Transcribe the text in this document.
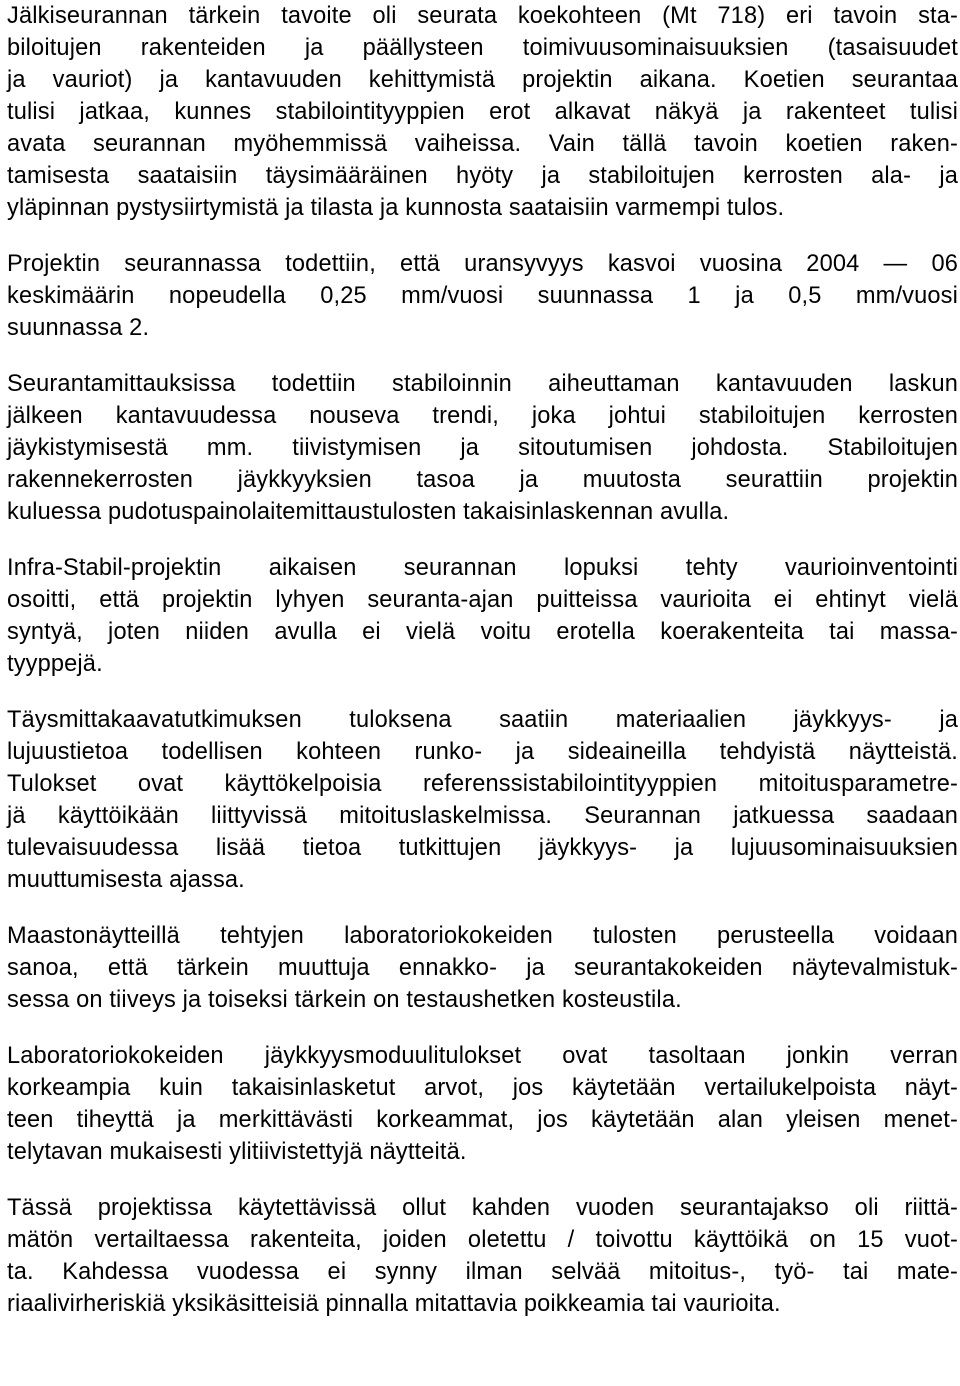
Jälkiseurannan tärkein tavoite oli seurata koekohteen (Mt 718) eri tavoin sta-
biloitujen rakenteiden ja päällysteen toimivuusominaisuuksien (tasaisuudet
ja vauriot) ja kantavuuden kehittymistä projektin aikana. Koetien seurantaa
tulisi jatkaa, kunnes stabilointityyppien erot alkavat näkyä ja rakenteet tulisi
avata seurannan myöhemmissä vaiheissa. Vain tällä tavoin koetien raken-
tamisesta saataisiin täysimääräinen hyöty ja stabiloitujen kerrosten ala- ja
yläpinnan pystysiirtymistä ja tilasta ja kunnosta saataisiin varmempi tulos.
Projektin seurannassa todettiin, että uransyvyys kasvoi vuosina 2004 — 06
keskimäärin nopeudella 0,25 mm/vuosi suunnassa 1 ja 0,5 mm/vuosi
suunnassa 2.
Seurantamittauksissa todettiin stabiloinnin aiheuttaman kantavuuden laskun
jälkeen kantavuudessa nouseva trendi, joka johtui stabiloitujen kerrosten
jäykistymisestä mm. tiivistymisen ja sitoutumisen johdosta. Stabiloitujen
rakennekerrosten jäykkyyksien tasoa ja muutosta seurattiin projektin
kuluessa pudotuspainolaitemittaustulosten takaisinlaskennan avulla.
Infra-Stabil-projektin aikaisen seurannan lopuksi tehty vaurioinventointi
osoitti, että projektin lyhyen seuranta-ajan puitteissa vaurioita ei ehtinyt vielä
syntyä, joten niiden avulla ei vielä voitu erotella koerakenteita tai massa-
tyyppejä.
Täysmittakaavatutkimuksen tuloksena saatiin materiaalien jäykkyys- ja
lujuustietoa todellisen kohteen runko- ja sideaineilla tehdyistä näytteistä.
Tulokset ovat käyttökelpoisia referenssistabilointityyppien mitoitusparametre-
jä käyttöikään liittyvissä mitoituslaskelmissa. Seurannan jatkuessa saadaan
tulevaisuudessa lisää tietoa tutkittujen jäykkyys- ja lujuusominaisuuksien
muuttumisesta ajassa.
Maastonäytteillä tehtyjen laboratoriokokeiden tulosten perusteella voidaan
sanoa, että tärkein muuttuja ennakko- ja seurantakokeiden näytevalmistuk-
sessa on tiiveys ja toiseksi tärkein on testaushetken kosteustila.
Laboratoriokokeiden jäykkyysmoduulitulokset ovat tasoltaan jonkin verran
korkeampia kuin takaisinlasketut arvot, jos käytetään vertailukelpoista näyt-
teen tiheyttä ja merkittävästi korkeammat, jos käytetään alan yleisen menet-
telytavan mukaisesti ylitiivistettyjä näytteitä.
Tässä projektissa käytettävissä ollut kahden vuoden seurantajakso oli riittä-
mätön vertailtaessa rakenteita, joiden oletettu / toivottu käyttöikä on 15 vuot-
ta. Kahdessa vuodessa ei synny ilman selvää mitoitus-, työ- tai mate-
riaalivirheriskiä yksikäsitteisiä pinnalla mitattavia poikkeamia tai vaurioita.
